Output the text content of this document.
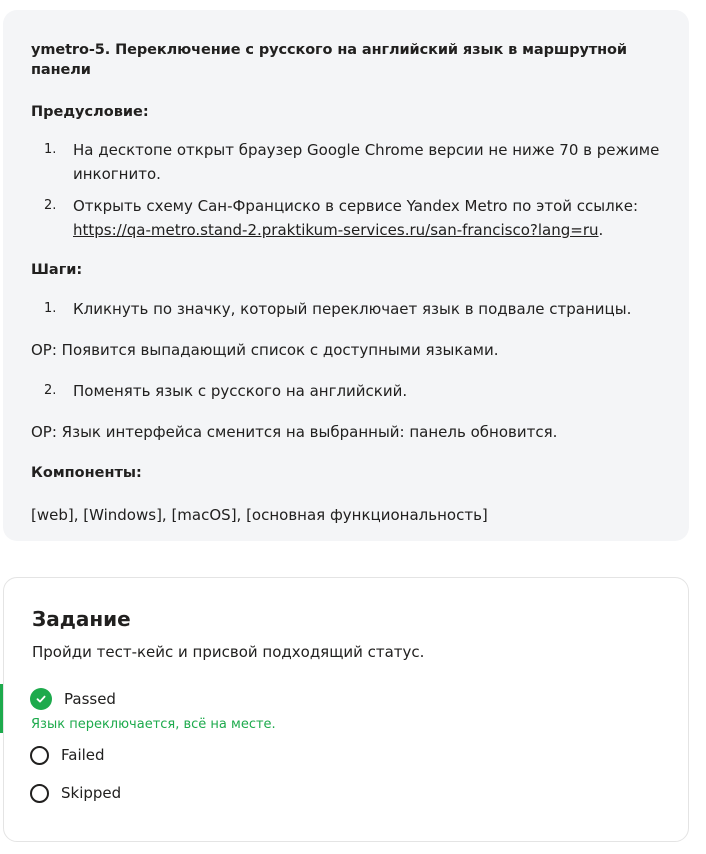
ymetro-5. Переключение с русского на английский язык в маршрутной панели

Предусловие:

1. На десктопе открыт браузер Google Chrome версии не ниже 70 в режиме инкогнито.
2. Открыть схему Сан-Франциско в сервисе Yandex Metro по этой ссылке: https://qa-metro.stand-2.praktikum-services.ru/san-francisco?lang=ru.

Шаги:

1. Кликнуть по значку, который переключает язык в подвале страницы.

ОР: Появится выпадающий список с доступными языками.

2. Поменять язык с русского на английский.

ОР: Язык интерфейса сменится на выбранный: панель обновится.

Компоненты:

[web], [Windows], [macOS], [основная функциональность]

Задание

Пройди тест-кейс и присвой подходящий статус.

Passed

Язык переключается, всё на месте.

Failed
Skipped
